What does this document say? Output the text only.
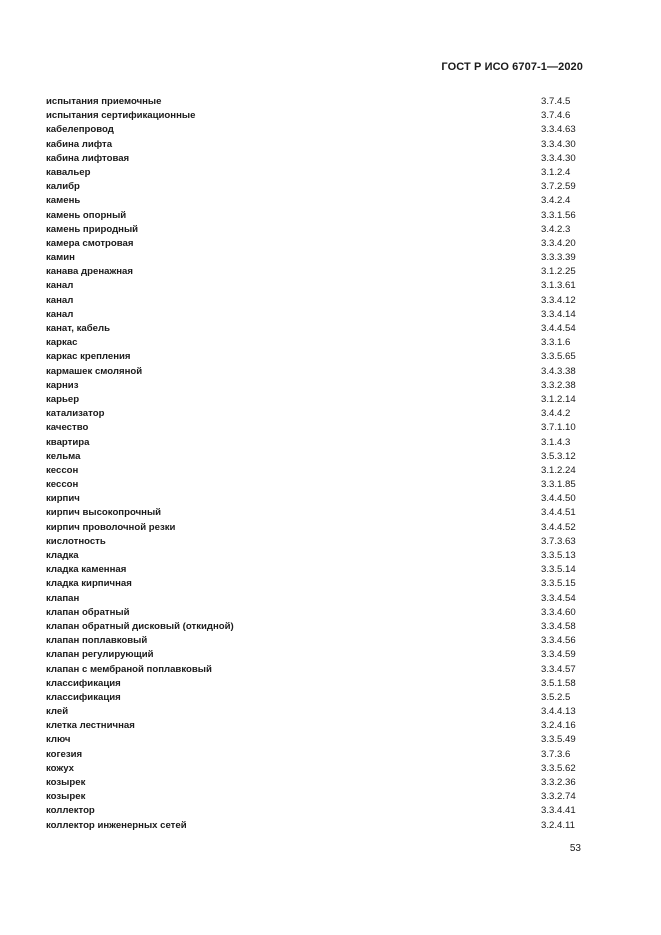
ГОСТ Р ИСО 6707-1—2020
испытания приемочные	3.7.4.5
испытания сертификационные	3.7.4.6
кабелепровод	3.3.4.63
кабина лифта	3.3.4.30
кабина лифтовая	3.3.4.30
кавальер	3.1.2.4
калибр	3.7.2.59
камень	3.4.2.4
камень опорный	3.3.1.56
камень природный	3.4.2.3
камера смотровая	3.3.4.20
камин	3.3.3.39
канава дренажная	3.1.2.25
канал	3.1.3.61
канал	3.3.4.12
канал	3.3.4.14
канат, кабель	3.4.4.54
каркас	3.3.1.6
каркас крепления	3.3.5.65
кармашек смоляной	3.4.3.38
карниз	3.3.2.38
карьер	3.1.2.14
катализатор	3.4.4.2
качество	3.7.1.10
квартира	3.1.4.3
кельма	3.5.3.12
кессон	3.1.2.24
кессон	3.3.1.85
кирпич	3.4.4.50
кирпич высокопрочный	3.4.4.51
кирпич проволочной резки	3.4.4.52
кислотность	3.7.3.63
кладка	3.3.5.13
кладка каменная	3.3.5.14
кладка кирпичная	3.3.5.15
клапан	3.3.4.54
клапан обратный	3.3.4.60
клапан обратный дисковый (откидной)	3.3.4.58
клапан поплавковый	3.3.4.56
клапан регулирующий	3.3.4.59
клапан с мембраной поплавковый	3.3.4.57
классификация	3.5.1.58
классификация	3.5.2.5
клей	3.4.4.13
клетка лестничная	3.2.4.16
ключ	3.3.5.49
когезия	3.7.3.6
кожух	3.3.5.62
козырек	3.3.2.36
козырек	3.3.2.74
коллектор	3.3.4.41
коллектор инженерных сетей	3.2.4.11
53
